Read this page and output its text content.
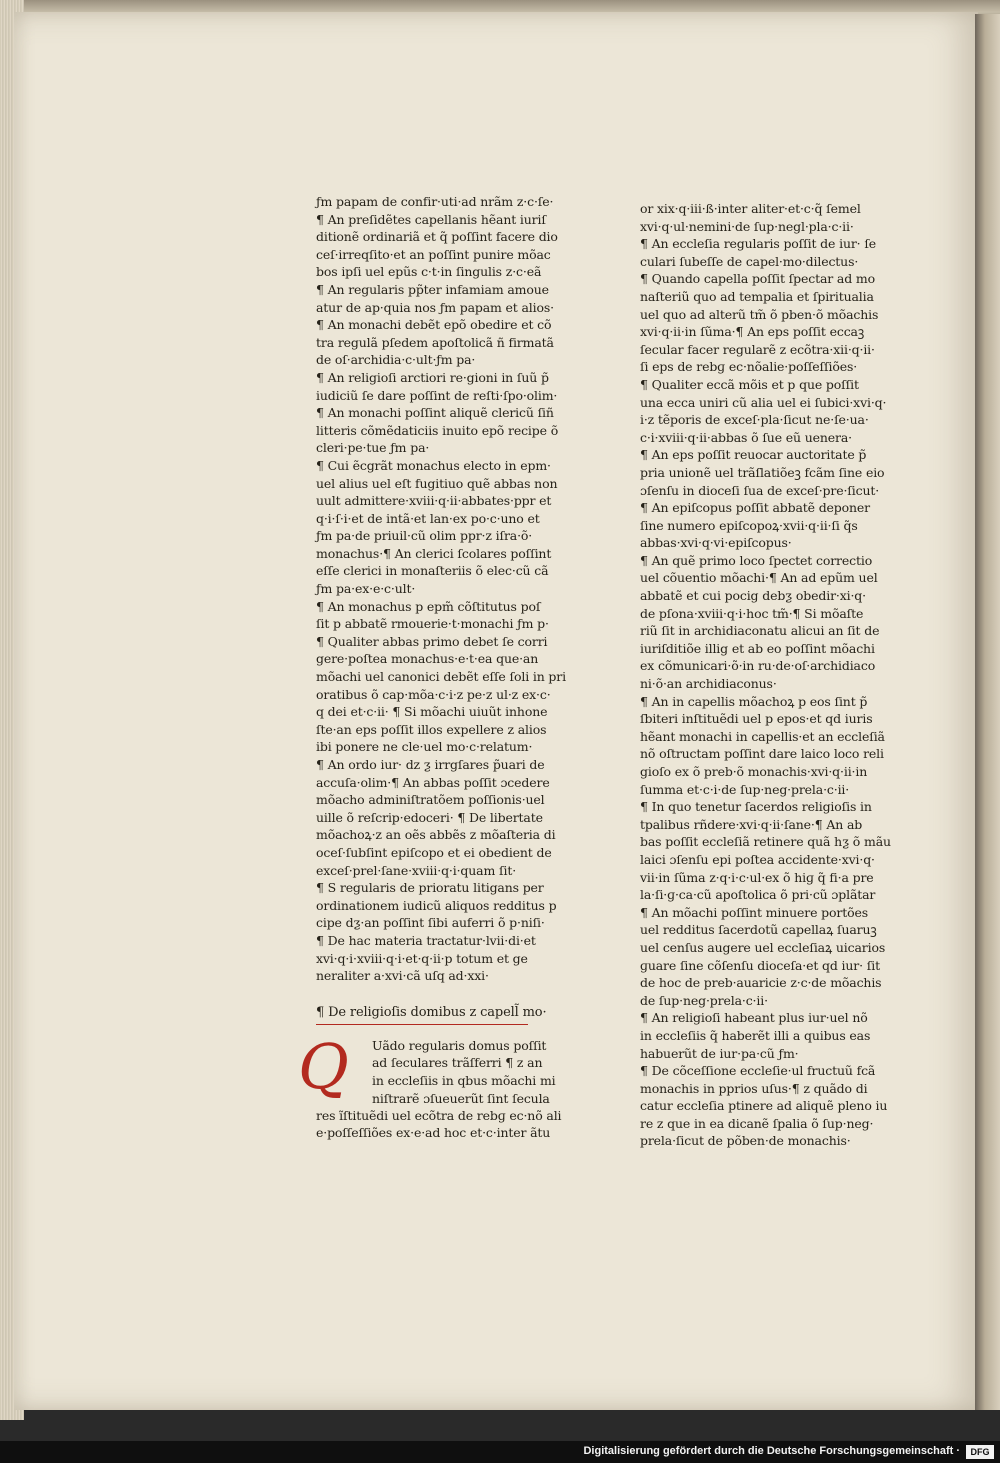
ƒm papam de confir·uti·ad nrãm z·c·ſe·
¶ An preſidẽtes capellanis hẽant iuriſ
ditionẽ ordinariã et q̃ poſſint facere dio
ceſ·irreqſito·et an poſſint punire mõac
bos ipſi uel epũs c·t·in ſingulis z·c·eã
¶ An regularis pp̃ter infamiam amoue
atur de ap·quia nos ƒm papam et alios·
¶ An monachi debẽt epõ obedire et cõ
tra regulã pſedem apoſtolicã ñ firmatã
de oſ·archidia·c·ult·ƒm pa·
¶ An religioſi arctiori re·gioni in ſuũ p̃
iudiciũ ſe dare poſſint de reſti·ſpo·olim·
¶ An monachi poſſint aliquẽ clericũ ſiñ
litteris cõmẽdaticiis inuito epõ recipe õ
cleri·pe·tue ƒm pa·
¶ Cui ẽcgrãt monachus electo in epm·
uel alius uel eſt fugitiuo quẽ abbas non
uult admittere·xviii·q·ii·abbates·ppr et
q·i·ſ·i·et de intã·et lan·ex po·c·uno et
ƒm pa·de priuil·cũ olim ppr·z iſra·õ·
monachus·¶ An clerici ſcolares poſſint
eſſe clerici in monaſteriis õ elec·cũ cã
ƒm pa·ex·e·c·ult·
¶ An monachus p epm̃ cõſtitutus poſ
ſit p abbatẽ rmouerie·t·monachi ƒm p·
¶ Qualiter abbas primo debet ſe corri
gere·poſtea monachus·e·t·ea que·an
mõachi uel canonici debẽt eſſe ſoli in pri
oratibus õ cap·mõa·c·i·z pe·z ul·z ex·c·
q dei et·c·ii· ¶ Si mõachi uiuũt inhone
ſte·an eps poſſit illos expellere z alios
ibi ponere ne cle·uel mo·c·relatum·
¶ An ordo iur· dz ƺ irrgſares p̃uari de
accuſa·olim·¶ An abbas poſſit ɔcedere
mõacho adminiſtratõem poſſionis·uel
uille õ reſcrip·edoceri· ¶ De libertate
mõachoꝝ·z an oẽs abbẽs z mõaſteria di
oceſ·ſubſint epiſcopo et ei obedient de
exceſ·prel·ſane·xviii·q·i·quam ſit·
¶ S regularis de prioratu litigans per
ordinationem iudicũ aliquos redditus p
cipe dƺ·an poſſint ſibi auferri õ p·niſi·
¶ De hac materia tractatur·lvii·di·et
xvi·q·i·xviii·q·i·et·q·ii·p totum et ge
neraliter a·xvi·cã uſq ad·xxi·
¶ De religioſis domibus z capell̃ mo·
Q	Uãdo regularis domus poſſit
ad ſeculares trãſferri ¶ z an
in eccleſiis in qbus mõachi mi
niſtrarẽ ɔſueuerũt ſint ſecula
res ĩſtituẽdi uel ecõtra de rebɡ ec·nõ ali
e·poſſeſſiões ex·e·ad hoc et·c·inter ãtu
or xix·q·iii·ß·inter aliter·et·c·q̃ ſemel
xvi·q·ul·nemini·de ſup·negl·pla·c·ii·
¶ An eccleſia regularis poſſit de iur· ſe
culari ſubeſſe de capel·mo·dilectus·
¶ Quando capella poſſit ſpectar ad mo
naſteriũ quo ad tempalia et ſpiritualia
uel quo ad alterũ tm̃ õ pben·õ mõachis
xvi·q·ii·in ſũma·¶ An eps poſſit eccaꝫ
ſecular facer regularẽ z ecõtra·xii·q·ii·
ſi eps de rebɡ ec·nõalie·poſſeſſiões·
¶ Qualiter eccã mõis et p que poſſit
una ecca uniri cũ alia uel ei ſubici·xvi·q·
i·z tẽporis de exceſ·pla·ſicut ne·ſe·ua·
c·i·xviii·q·ii·abbas õ ſue eũ uenera·
¶ An eps poſſit reuocar auctoritate p̃
pria unionẽ uel trãſlatiõeꝫ fcãm ſine eio
ɔſenſu in dioceſi ſua de exceſ·pre·ſicut·
¶ An epiſcopus poſſit abbatẽ deponer
ſine numero epiſcopoꝝ·xvii·q·ii·ſi q̃s
abbas·xvi·q·vi·epiſcopus·
¶ An quẽ primo loco ſpectet correctio
uel cõuentio mõachi·¶ An ad epũm uel
abbatẽ et cui pocig debƺ obedir·xi·q·
de pſona·xviii·q·i·hoc tm̃·¶ Si mõaſte
riũ ſit in archidiaconatu alicui an ſit de
iuriſditiõe illig et ab eo poſſint mõachi
ex cõmunicari·õ·in ru·de·oſ·archidiaco
ni·õ·an archidiaconus·
¶ An in capellis mõachoꝝ p eos ſint p̃
ſbiteri inſtituẽdi uel p epos·et qd iuris
hẽant monachi in capellis·et an eccleſiã
nõ oſtructam poſſint dare laico loco reli
gioſo ex õ preb·õ monachis·xvi·q·ii·in
ſumma et·c·i·de ſup·neg·prela·c·ii·
¶ In quo tenetur ſacerdos religioſis in
tpalibus rñdere·xvi·q·ii·ſane·¶ An ab
bas poſſit eccleſiã retinere quã hƺ õ mãu
laici ɔſenſu epi poſtea accidente·xvi·q·
vii·in ſũma z·q·i·c·ul·ex õ hiɡ q̃ fi·a pre
la·ſi·ɡ·ca·cũ apoſtolica õ pri·cũ ɔplãtar
¶ An mõachi poſſint minuere portões
uel redditus ſacerdotũ capellaꝝ ſuaruꝫ
uel cenſus augere uel eccleſiaꝝ uicarios
ɡuare ſine cõſenſu dioceſa·et qd iur· ſit
de hoc de preb·auaricie z·c·de mõachis
de ſup·neg·prela·c·ii·
¶ An religioſi habeant plus iur·uel nõ
in eccleſiis q̃ haberẽt illi a quibus eas
habuerũt de iur·pa·cũ ƒm·
¶ De cõceſſione eccleſie·ul fructuũ fcã
monachis in pprios uſus·¶ z quãdo di
catur eccleſia ptinere ad aliquẽ pleno iu
re z que in ea dicanẽ ſpalia õ ſup·neg·
prela·ſicut de põben·de monachis·
Digitalisierung gefördert durch die Deutsche Forschungsgemeinschaft ·	DFG
